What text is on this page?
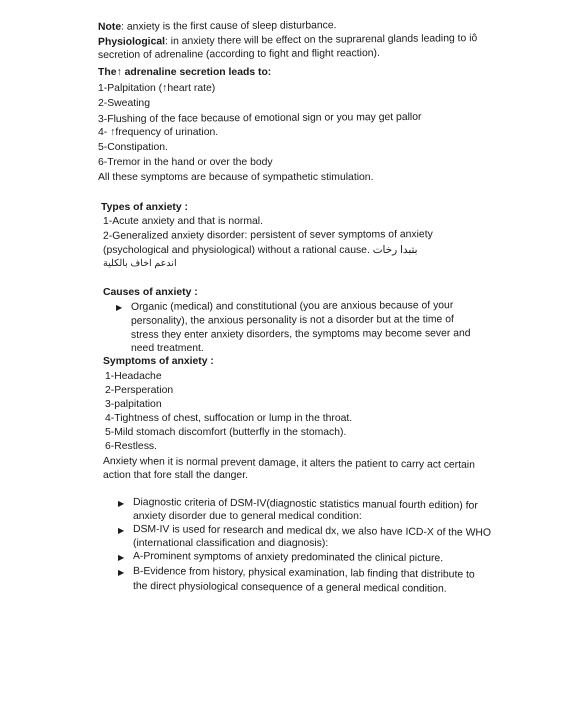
Note: anxiety is the first cause of sleep disturbance.
Physiological: in anxiety there will be effect on the suprarenal glands leading to iô
secretion of adrenaline (according to fight and flight reaction).
The↑ adrenaline secretion leads to:
1-Palpitation (↑heart rate)
2-Sweating
3-Flushing of the face because of emotional sign or you may get pallor
4- ↑frequency of urination.
5-Constipation.
6-Tremor in the hand or over the body
All these symptoms are because of sympathetic stimulation.
Types of anxiety :
1-Acute anxiety and that is normal.
2-Generalized anxiety disorder: persistent of sever symptoms of anxiety
(psychological and physiological) without a rational cause. بتبدا رخات
اندعم اخاف بالكلية
Causes of anxiety :
▶ Organic (medical) and constitutional (you are anxious because of your
personality), the anxious personality is not a disorder but at the time of
stress they enter anxiety disorders, the symptoms may become sever and
need treatment.
Symptoms of anxiety :
1-Headache
2-Persperation
3-palpitation
4-Tightness of chest, suffocation or lump in the throat.
5-Mild stomach discomfort (butterfly in the stomach).
6-Restless.
Anxiety when it is normal prevent damage, it alters the patient to carry act certain
action that fore stall the danger.
▶ Diagnostic criteria of DSM-IV(diagnostic statistics manual fourth edition) for
anxiety disorder due to general medical condition:
▶ DSM-IV is used for research and medical dx, we also have ICD-X of the WHO
(international classification and diagnosis):
▶ A-Prominent symptoms of anxiety predominated the clinical picture.
▶ B-Evidence from history, physical examination, lab finding that distribute to
the direct physiological consequence of a general medical condition.
